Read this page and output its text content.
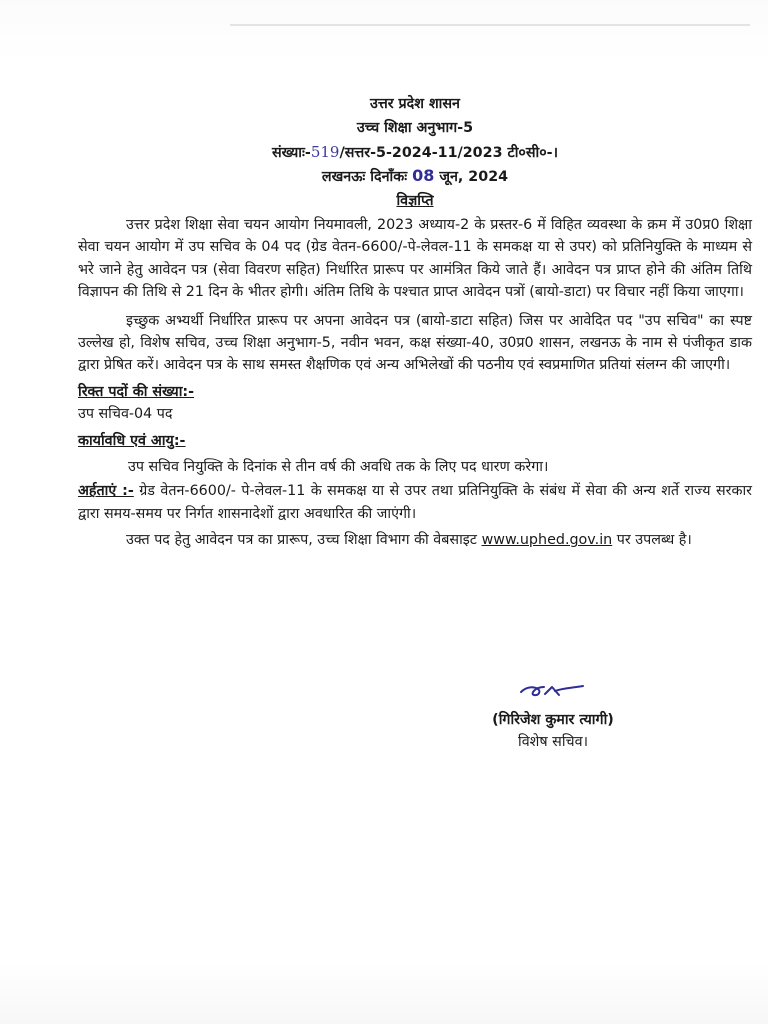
उत्तर प्रदेश शासन
उच्च शिक्षा अनुभाग-5
संख्याः-519/सत्तर-5-2024-11/2023 टी०सी०-।
लखनऊः दिनाँकः 08 जून, 2024
विज्ञप्ति

उत्तर प्रदेश शिक्षा सेवा चयन आयोग नियमावली, 2023 अध्याय-2 के प्रस्तर-6 में विहित व्यवस्था के क्रम में उ0प्र0 शिक्षा सेवा चयन आयोग में उप सचिव के 04 पद (ग्रेड वेतन-6600/-पे-लेवल-11 के समकक्ष या से उपर) को प्रतिनियुक्ति के माध्यम से भरे जाने हेतु आवेदन पत्र (सेवा विवरण सहित) निर्धारित प्रारूप पर आमंत्रित किये जाते हैं। आवेदन पत्र प्राप्त होने की अंतिम तिथि विज्ञापन की तिथि से 21 दिन के भीतर होगी। अंतिम तिथि के पश्चात प्राप्त आवेदन पत्रों (बायो-डाटा) पर विचार नहीं किया जाएगा।

इच्छुक अभ्यर्थी निर्धारित प्रारूप पर अपना आवेदन पत्र (बायो-डाटा सहित) जिस पर आवेदित पद "उप सचिव" का स्पष्ट उल्लेख हो, विशेष सचिव, उच्च शिक्षा अनुभाग-5, नवीन भवन, कक्ष संख्या-40, उ0प्र0 शासन, लखनऊ के नाम से पंजीकृत डाक द्वारा प्रेषित करें। आवेदन पत्र के साथ समस्त शैक्षणिक एवं अन्य अभिलेखों की पठनीय एवं स्वप्रमाणित प्रतियां संलग्न की जाएगी।

रिक्त पदों की संख्या:-
उप सचिव-04 पद
कार्यावधि एवं आयु:-

उप सचिव नियुक्ति के दिनांक से तीन वर्ष की अवधि तक के लिए पद धारण करेगा।

अर्हताएं :- ग्रेड वेतन-6600/- पे-लेवल-11 के समकक्ष या से उपर तथा प्रतिनियुक्ति के संबंध में सेवा की अन्य शर्ते राज्य सरकार द्वारा समय-समय पर निर्गत शासनादेशों द्वारा अवधारित की जाएंगी।

उक्त पद हेतु आवेदन पत्र का प्रारूप, उच्च शिक्षा विभाग की वेबसाइट www.uphed.gov.in पर उपलब्ध है।

(गिरिजेश कुमार त्यागी)
विशेष सचिव।
